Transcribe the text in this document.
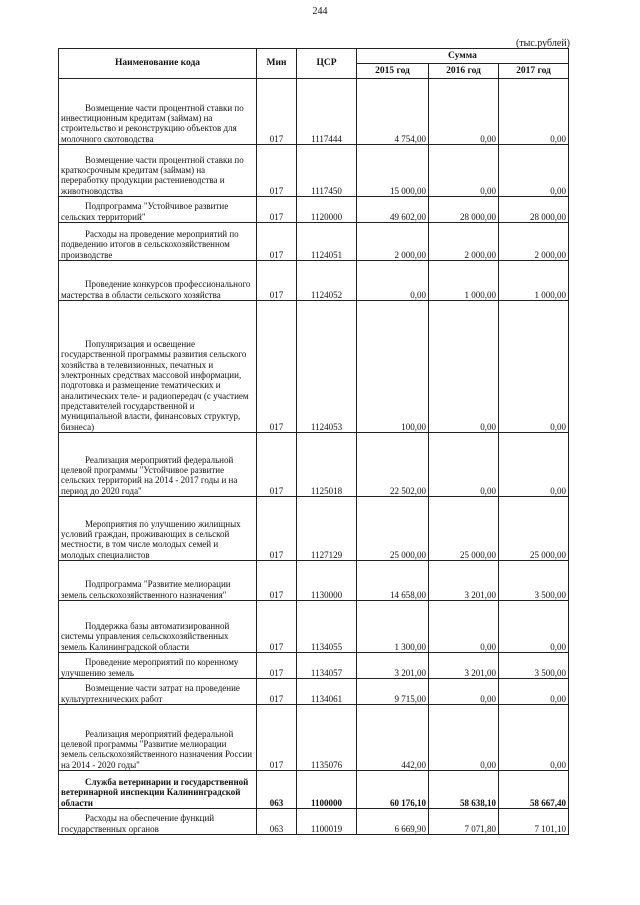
244
(тыс.рублей)
Наименование кода	Мин	ЦСР	Сумма		
			2015 год	2016 год	2017 год
Возмещение части процентной ставки по инвестиционным кредитам (займам) на строительство и реконструкцию объектов для молочного скотоводства	017	1117444	4 754,00	0,00	0,00
Возмещение части процентной ставки по краткосрочным кредитам (займам) на переработку продукции растениеводства и животноводства	017	1117450	15 000,00	0,00	0,00
Подпрограмма "Устойчивое развитие сельских территорий"	017	1120000	49 602,00	28 000,00	28 000,00
Расходы на проведение мероприятий по подведению итогов в сельскохозяйственном производстве	017	1124051	2 000,00	2 000,00	2 000,00
Проведение конкурсов профессионального мастерства в области сельского хозяйства	017	1124052	0,00	1 000,00	1 000,00
Популяризация и освещение государственной программы развития сельского хозяйства в телевизионных, печатных и электронных средствах массовой информации, подготовка и размещение тематических и аналитических теле- и радиопередач (с участием представителей государственной и муниципальной власти, финансовых структур, бизнеса)	017	1124053	100,00	0,00	0,00
Реализация мероприятий федеральной целевой программы "Устойчивое развитие сельских территорий на 2014 - 2017 годы и на период до 2020 года"	017	1125018	22 502,00	0,00	0,00
Мероприятия по улучшению жилищных условий граждан, проживающих в сельской местности, в том числе молодых семей и молодых специалистов	017	1127129	25 000,00	25 000,00	25 000,00
Подпрограмма "Развитие мелиорации земель сельскохозяйственного назначения"	017	1130000	14 658,00	3 201,00	3 500,00
Поддержка базы автоматизированной системы управления сельскохозяйственных земель Калининградской области	017	1134055	1 300,00	0,00	0,00
Проведение мероприятий по коренному улучшению земель	017	1134057	3 201,00	3 201,00	3 500,00
Возмещение части затрат на проведение культуртехнических работ	017	1134061	9 715,00	0,00	0,00
Реализация мероприятий федеральной целевой программы "Развитие мелиорации земель сельскохозяйственного назначения России на 2014 - 2020 годы"	017	1135076	442,00	0,00	0,00
Служба ветеринарии и государственной ветеринарной инспекции Калининградской области	063	1100000	60 176,10	58 638,10	58 667,40
Расходы на обеспечение функций государственных органов	063	1100019	6 669,90	7 071,80	7 101,10
